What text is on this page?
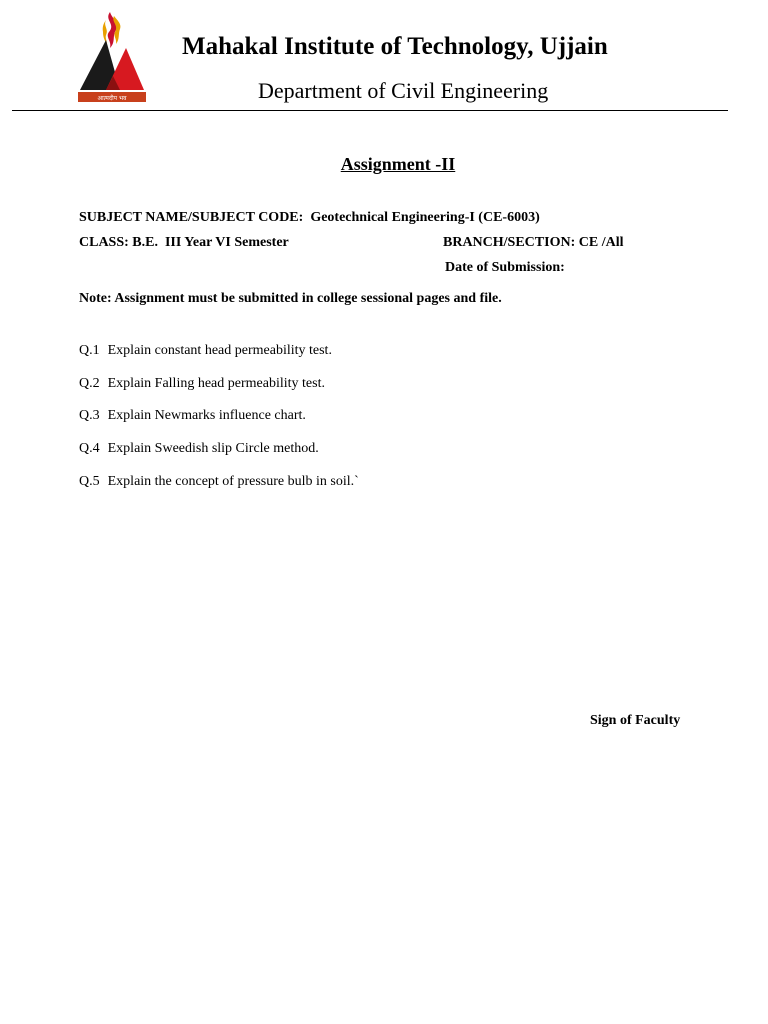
आत्मदीप भव
Mahakal Institute of Technology, Ujjain
Department of Civil Engineering
Assignment -II
SUBJECT NAME/SUBJECT CODE: Geotechnical Engineering-I (CE-6003)
CLASS: B.E.  III Year VI Semester	BRANCH/SECTION: CE /All
Date of Submission:
Note: Assignment must be submitted in college sessional pages and file.
Q.1 Explain constant head permeability test.
Q.2 Explain Falling head permeability test.
Q.3 Explain Newmarks influence chart.
Q.4 Explain Sweedish slip Circle method.
Q.5 Explain the concept of pressure bulb in soil.`
Sign of Faculty
